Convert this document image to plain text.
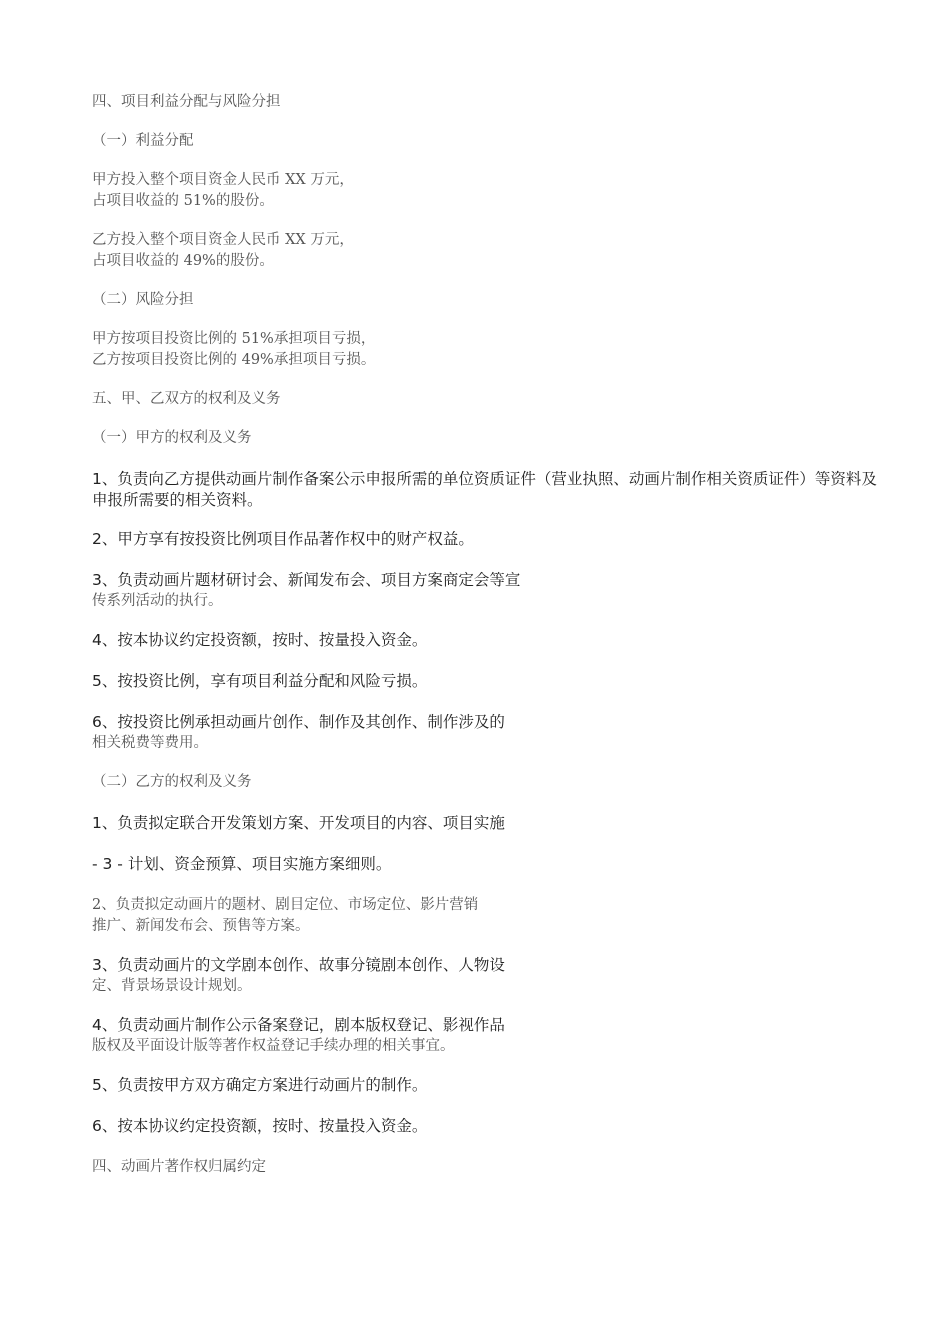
四、项目利益分配与风险分担

（一）利益分配

甲方投入整个项目资金人民币 XX 万元，
占项目收益的 51%的股份。

乙方投入整个项目资金人民币 XX 万元，
占项目收益的 49%的股份。

（二）风险分担

甲方按项目投资比例的 51%承担项目亏损，
乙方按项目投资比例的 49%承担项目亏损。

五、甲、乙双方的权利及义务

（一）甲方的权利及义务

1、负责向乙方提供动画片制作备案公示申报所需的单位资质证件（营业执照、动画片制作相关资质证件）等资料及申报所需要的相关资料。

2、甲方享有按投资比例项目作品著作权中的财产权益。

3、负责动画片题材研讨会、新闻发布会、项目方案商定会等宣
传系列活动的执行。

4、按本协议约定投资额，按时、按量投入资金。

5、按投资比例，享有项目利益分配和风险亏损。

6、按投资比例承担动画片创作、制作及其创作、制作涉及的
相关税费等费用。

（二）乙方的权利及义务

1、负责拟定联合开发策划方案、开发项目的内容、项目实施

- 3 - 计划、资金预算、项目实施方案细则。

2、负责拟定动画片的题材、剧目定位、市场定位、影片营销
推广、新闻发布会、预售等方案。

3、负责动画片的文学剧本创作、故事分镜剧本创作、人物设
定、背景场景设计规划。

4、负责动画片制作公示备案登记，剧本版权登记、影视作品
版权及平面设计版等著作权益登记手续办理的相关事宜。

5、负责按甲方双方确定方案进行动画片的制作。

6、按本协议约定投资额，按时、按量投入资金。

四、动画片著作权归属约定
